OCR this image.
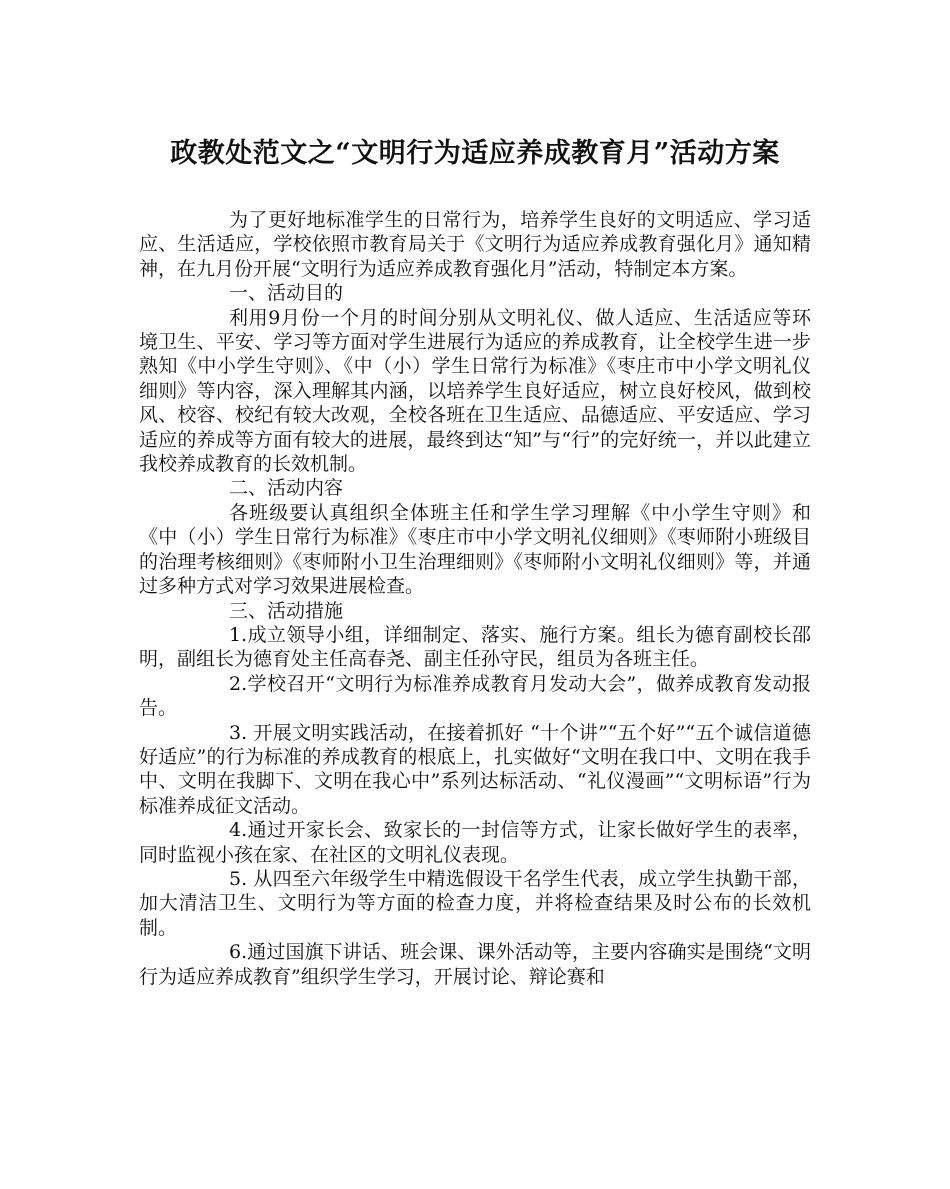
政教处范文之“文明行为适应养成教育月”活动方案

为了更好地标准学生的日常行为，培养学生良好的文明适应、学习适应、生活适应，学校依照市教育局关于《文明行为适应养成教育强化月》通知精神，在九月份开展“文明行为适应养成教育强化月”活动，特制定本方案。

一、活动目的

利用9月份一个月的时间分别从文明礼仪、做人适应、生活适应等环境卫生、平安、学习等方面对学生进展行为适应的养成教育，让全校学生进一步熟知《中小学生守则》、《中（小）学生日常行为标准》《枣庄市中小学文明礼仪细则》等内容，深入理解其内涵，以培养学生良好适应，树立良好校风，做到校风、校容、校纪有较大改观，全校各班在卫生适应、品德适应、平安适应、学习适应的养成等方面有较大的进展，最终到达“知”与“行”的完好统一，并以此建立我校养成教育的长效机制。

二、活动内容

各班级要认真组织全体班主任和学生学习理解《中小学生守则》和《中（小）学生日常行为标准》《枣庄市中小学文明礼仪细则》《枣师附小班级目的治理考核细则》《枣师附小卫生治理细则》《枣师附小文明礼仪细则》等，并通过多种方式对学习效果进展检查。

三、活动措施

1.成立领导小组，详细制定、落实、施行方案。组长为德育副校长邵明，副组长为德育处主任高春尧、副主任孙守民，组员为各班主任。

2.学校召开“文明行为标准养成教育月发动大会”，做养成教育发动报告。

3. 开展文明实践活动，在接着抓好 “十个讲”“五个好”“五个诚信道德好适应”的行为标准的养成教育的根底上，扎实做好“文明在我口中、文明在我手中、文明在我脚下、文明在我心中”系列达标活动、“礼仪漫画”“文明标语”行为标准养成征文活动。

4.通过开家长会、致家长的一封信等方式，让家长做好学生的表率，同时监视小孩在家、在社区的文明礼仪表现。

5. 从四至六年级学生中精选假设干名学生代表，成立学生执勤干部，加大清洁卫生、文明行为等方面的检查力度，并将检查结果及时公布的长效机制。

6.通过国旗下讲话、班会课、课外活动等，主要内容确实是围绕“文明行为适应养成教育”组织学生学习，开展讨论、辩论赛和
